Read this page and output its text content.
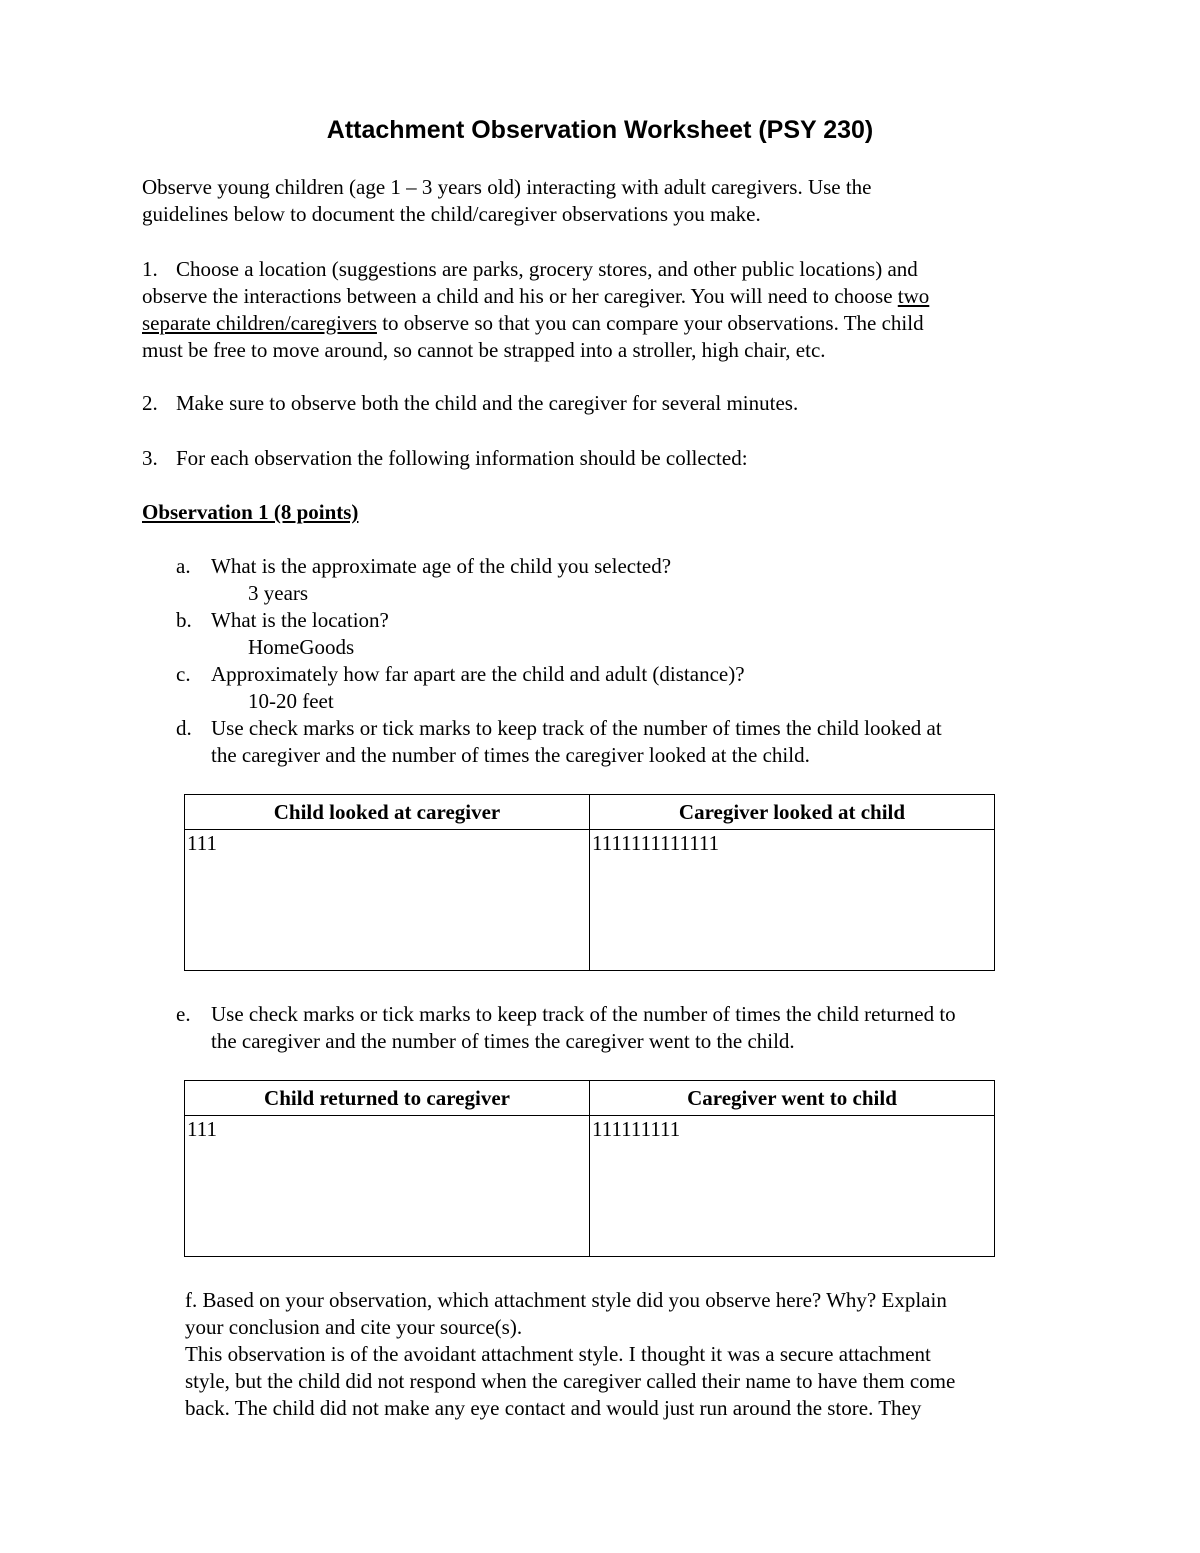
Attachment Observation Worksheet (PSY 230)
Observe young children (age 1 – 3 years old) interacting with adult caregivers. Use the
guidelines below to document the child/caregiver observations you make.
1. Choose a location (suggestions are parks, grocery stores, and other public locations) and
observe the interactions between a child and his or her caregiver. You will need to choose two
separate children/caregivers to observe so that you can compare your observations. The child
must be free to move around, so cannot be strapped into a stroller, high chair, etc.
2. Make sure to observe both the child and the caregiver for several minutes.
3. For each observation the following information should be collected:
Observation 1 (8 points)
a. What is the approximate age of the child you selected?
3 years
b. What is the location?
HomeGoods
c. Approximately how far apart are the child and adult (distance)?
10-20 feet
d. Use check marks or tick marks to keep track of the number of times the child looked at
the caregiver and the number of times the caregiver looked at the child.
Child looked at caregiver	Caregiver looked at child
111	1111111111111
e. Use check marks or tick marks to keep track of the number of times the child returned to
the caregiver and the number of times the caregiver went to the child.
Child returned to caregiver	Caregiver went to child
111	111111111
f. Based on your observation, which attachment style did you observe here? Why? Explain
your conclusion and cite your source(s).
This observation is of the avoidant attachment style. I thought it was a secure attachment
style, but the child did not respond when the caregiver called their name to have them come
back. The child did not make any eye contact and would just run around the store. They
